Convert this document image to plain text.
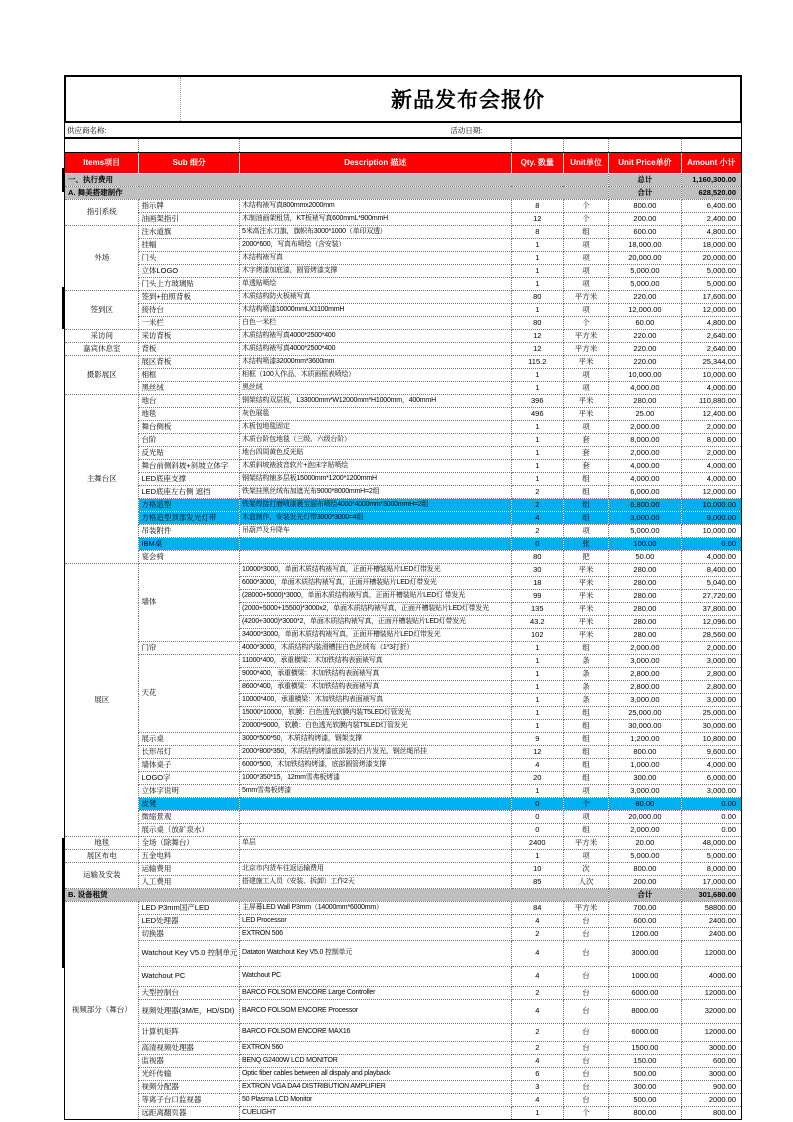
新品发布会报价
供应商名称:	活动日期:

Items项目	Sub 细分	Description 描述	Qty. 数量	Unit单位	Unit Price单价	Amount 小计
一、执行费用					总计	1,160,300.00
A. 舞美搭建制作					合计	628,520.00
指引系统	指示牌	木结构裱写真800mmx2000mm	8	个	800.00	6,400.00
	油画架指引	木制油画架租赁，KT板裱写真600mmL*900mmH	12	个	200.00	2,400.00
外场	注水道旗	5米高注水刀旗，旗帜布3000*1000（单印双透）	8	组	600.00	4,800.00
	挂幅	2000*600，写真布喷绘（含安装）	1	项	18,000.00	18,000.00
	门头	木结构裱写真	1	项	20,000.00	20,000.00
	立体LOGO	木字烤漆加底漆，圆管烤漆支撑	1	项	5,000.00	5,000.00
	门头上方玻璃贴	单透贴喷绘	1	项	5,000.00	5,000.00
签到区	签到+拍照背板	木质结构防火板裱写真	80	平方米	220.00	17,600.00
	接待台	木结构喷漆10000mmLX1100mmH	1	项	12,000.00	12,000.00
	一米栏	白色一米栏	80	个	60.00	4,800.00
采访间	采访背板	木质结构裱写真4000*2500*400	12	平方米	220.00	2,640.00
嘉宾休息室	背板	木质结构裱写真4000*2500*400	12	平方米	220.00	2,640.00
摄影展区	展区背板	木结构喷漆32000mm*3600mm	115.2	平米	220.00	25,344.00
	相框	相框（100人作品，木质画框表喷绘）	1	项	10,000.00	10,000.00
	黑丝绒	黑丝绒	1	项	4,000.00	4,000.00
主舞台区	地台	钢架结构双层板，L33000mm*W12000mm*H1000mm，400mmH	396	平米	280.00	110,880.00
	地毯	灰色展毯	496	平米	25.00	12,400.00
	舞台侧板	木板包地毯固定	1	项	2,000.00	2,000.00
	台阶	木质台阶包地毯（三级、六级台阶）	1	套	8,000.00	8,000.00
	反光贴	地台四周黄色反光贴	1	套	2,000.00	2,000.00
	舞台前侧斜坡+斜坡立体字	木质斜坡裱波音软片+泡沫字贴喷绘	1	套	4,000.00	4,000.00
	LED底座支撑	钢架结构铺多层板15000mm*1200*1200mmH	1	组	4,000.00	4,000.00
	LED底座左右侧 遮挡	铁架挂黑丝绒布加遮光布9000*8000mmH=2组	2	组	6,000.00	12,000.00
	方格造型	铁架焊接打磨喷漆裹宝丽布喷绘4000*4000mm*3000mmH=2组	2	组	6,800.00	10,000.00
	方格造型顶部发光灯带	木盒制作，安装发光灯带3000*3000=4组	4	组	3,000.00	9,000.00
	吊装附件	吊葫芦及升降车	2	项	5,000.00	10,000.00
	IBM桌		0	张	100.00	0.00
	宴会椅		80	把	50.00	4,000.00
展区	墙体	10000*3000，单面木质结构裱写真，正面开槽装贴片LED灯带发光	30	平米	280.00	8,400.00
		6000*3000，单面木质结构裱写真，正面开槽装贴片LED灯带发光	18	平米	280.00	5,040.00
		(28000+5000)*3000，单面木质结构裱写真，正面开槽装贴片LED灯 带发光	99	平米	280.00	27,720.00
		(2000+5000+15500)*3000x2，单面木质结构裱写真，正面开槽装贴片LED灯带发光	135	平米	280.00	37,800.00
		(4200+3000)*3000*2，单面木质结构裱写真，正面开槽装贴片LED灯带发光	43.2	平米	280.00	12,096.00
		34000*3000，单面木质结构裱写真，正面开槽装贴片LED灯带发光	102	平米	280.00	28,560.00
	门帘	4000*3000，木质结构内装滑槽挂白色丝绒布（1*3打折）	1	组	2,000.00	2,000.00
	天花	11000*400，承重横梁：木加铁结构表面裱写真	1	条	3,000.00	3,000.00
		9000*400，承重横梁：木加铁结构表面裱写真	1	条	2,800.00	2,800.00
		8600*400，承重横梁：木加铁结构表面裱写真	1	条	2,800.00	2,800.00
		10000*400，承重横梁：木加铁结构表面裱写真	1	条	3,000.00	3,000.00
		15000*10000，软膜：白色透光软膜内装T5LED灯管发光	1	组	25,000.00	25,000.00
		20000*9000，软膜：白色透光软膜内装T5LED灯管发光	1	组	30,000.00	30,000.00
	展示桌	3000*500*50，木质结构烤漆，钢架支撑	9	组	1,200.00	10,800.00
	长形吊灯	2000*800*350，木质结构烤漆底部装奶白片发光，钢丝绳吊挂	12	组	800.00	9,600.00
	墙体桌子	6000*500，木加铁结构烤漆，底部圆管烤漆支撑	4	组	1,000.00	4,000.00
	LOGO字	1000*350*15，12mm雪弗板烤漆	20	组	300.00	6,000.00
	立体字说明	5mm雪弗板烤漆	1	项	3,000.00	3,000.00
	皮凳		0	个	80.00	0.00
	微缩景观		0	项	20,000.00	0.00
	展示桌（放矿泉水）		0	组	2,000.00	0.00
地毯	全场（除舞台）	单层	2400	平方米	20.00	48,000.00
展区布电	五金电料		1	项	5,000.00	5,000.00
运输及安装	运输费用	北京市内货车往返运输费用	10	次	800.00	8,000.00
	人工费用	搭建施工人员（安装、拆卸）工作2天	85	人次	200.00	17,000.00
B. 设备租赁					合计	301,680.00
视频部分（舞台）	LED P3mm国产LED	主屏幕LED Wall P3mm（14000mm*6000mm）	84	平方米	700.00	58800.00
	LED处理器	LED Processor	4	台	600.00	2400.00
	切换器	EXTRON 506	2	台	1200.00	2400.00
	Watchout Key V5.0 控制单元	Dataton Watchout Key V5.0 控制单元	4	台	3000.00	12000.00
	Watchout PC	Watchout PC	4	台	1000.00	4000.00
	大型控制台	BARCO FOLSOM ENCORE Large Controller	2	台	6000.00	12000.00
	视频处理器(3M/E，HD/SDI)	BARCO FOLSOM ENCORE Processor	4	台	8000.00	32000.00
	计算机矩阵	BARCO FOLSOM ENCORE MAX16	2	台	6000.00	12000.00
	高清视频处理器	EXTRON 560	2	台	1500.00	3000.00
	监视器	BENQ G2400W LCD MONITOR	4	台	150.00	600.00
	光纤传输	Optic fiber cables between all dispaly and playback	6	台	500.00	3000.00
	视频分配器	EXTRON VGA DA4 DISTRIBUTION AMPLIFIER	3	台	300.00	900.00
	等离子台口监视器	50 Plasma LCD Monitor	4	台	500.00	2000.00
	远距离翻页器	CUELIGHT	1	个	800.00	800.00
